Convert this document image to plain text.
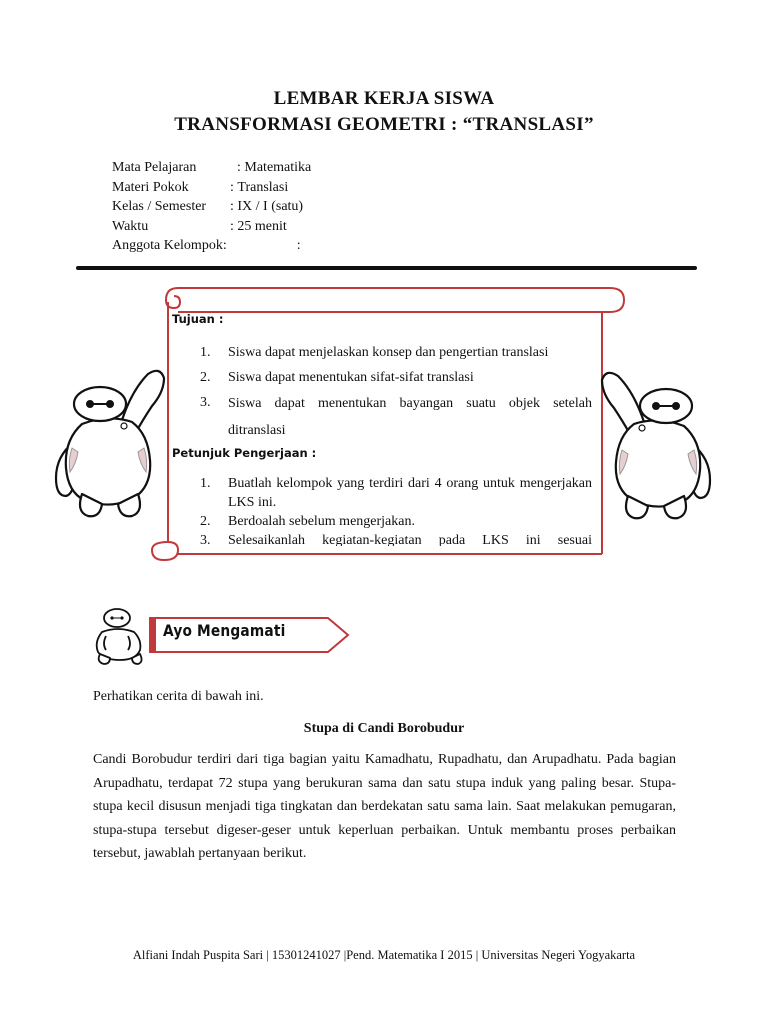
LEMBAR KERJA SISWA
TRANSFORMASI GEOMETRI : “TRANSLASI”
Mata Pelajaran	: Matematika
Materi Pokok	: Translasi
Kelas / Semester	: IX / I (satu)
Waktu	: 25 menit
Anggota Kelompok: :
Tujuan :
1.	Siswa dapat menjelaskan konsep dan pengertian translasi
2.	Siswa dapat menentukan sifat-sifat translasi
3.	Siswa dapat menentukan bayangan suatu objek setelah ditranslasi
Petunjuk Pengerjaan :
1.	Buatlah kelompok yang terdiri dari 4 orang untuk mengerjakan LKS ini.
2.	Berdoalah sebelum mengerjakan.
3.	Selesaikanlah kegiatan-kegiatan pada LKS ini sesuai
Ayo Mengamati
Perhatikan cerita di bawah ini.
Stupa di Candi Borobudur
Candi Borobudur terdiri dari tiga bagian yaitu Kamadhatu, Rupadhatu, dan Arupadhatu. Pada bagian Arupadhatu, terdapat 72 stupa yang berukuran sama dan satu stupa induk yang paling besar. Stupa-stupa kecil disusun menjadi tiga tingkatan dan berdekatan satu sama lain. Saat melakukan pemugaran, stupa-stupa tersebut digeser-geser untuk keperluan perbaikan. Untuk membantu proses perbaikan tersebut, jawablah pertanyaan berikut.
Alfiani Indah Puspita Sari | 15301241027 |Pend. Matematika I 2015 | Universitas Negeri Yogyakarta
